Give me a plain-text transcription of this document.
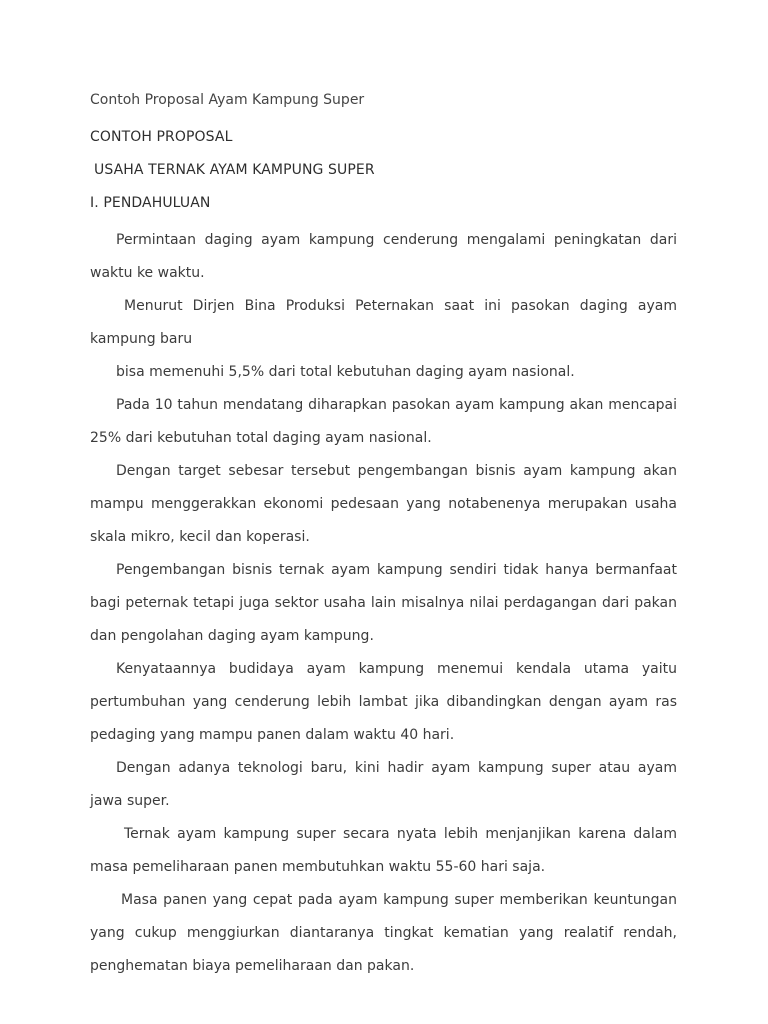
Contoh Proposal Ayam Kampung Super
CONTOH PROPOSAL
USAHA TERNAK AYAM KAMPUNG SUPER
I. PENDAHULUAN

Permintaan daging ayam kampung cenderung mengalami peningkatan dari waktu ke waktu.

Menurut Dirjen Bina Produksi Peternakan saat ini pasokan daging ayam kampung baru

bisa memenuhi 5,5% dari total kebutuhan daging ayam nasional.

Pada 10 tahun mendatang diharapkan pasokan ayam kampung akan mencapai 25% dari kebutuhan total daging ayam nasional.

Dengan target sebesar tersebut pengembangan bisnis ayam kampung akan mampu menggerakkan ekonomi pedesaan yang notabenenya merupakan usaha skala mikro, kecil dan koperasi.

Pengembangan bisnis ternak ayam kampung sendiri tidak hanya bermanfaat bagi peternak tetapi juga sektor usaha lain misalnya nilai perdagangan dari pakan dan pengolahan daging ayam kampung.

Kenyataannya budidaya ayam kampung menemui kendala utama yaitu pertumbuhan yang cenderung lebih lambat jika dibandingkan dengan ayam ras pedaging yang mampu panen dalam waktu 40 hari.

Dengan adanya teknologi baru, kini hadir ayam kampung super atau ayam jawa super.

Ternak ayam kampung super secara nyata lebih menjanjikan karena dalam masa pemeliharaan panen membutuhkan waktu 55-60 hari saja.

Masa panen yang cepat pada ayam kampung super memberikan keuntungan yang cukup menggiurkan diantaranya tingkat kematian yang realatif rendah, penghematan biaya pemeliharaan dan pakan.
